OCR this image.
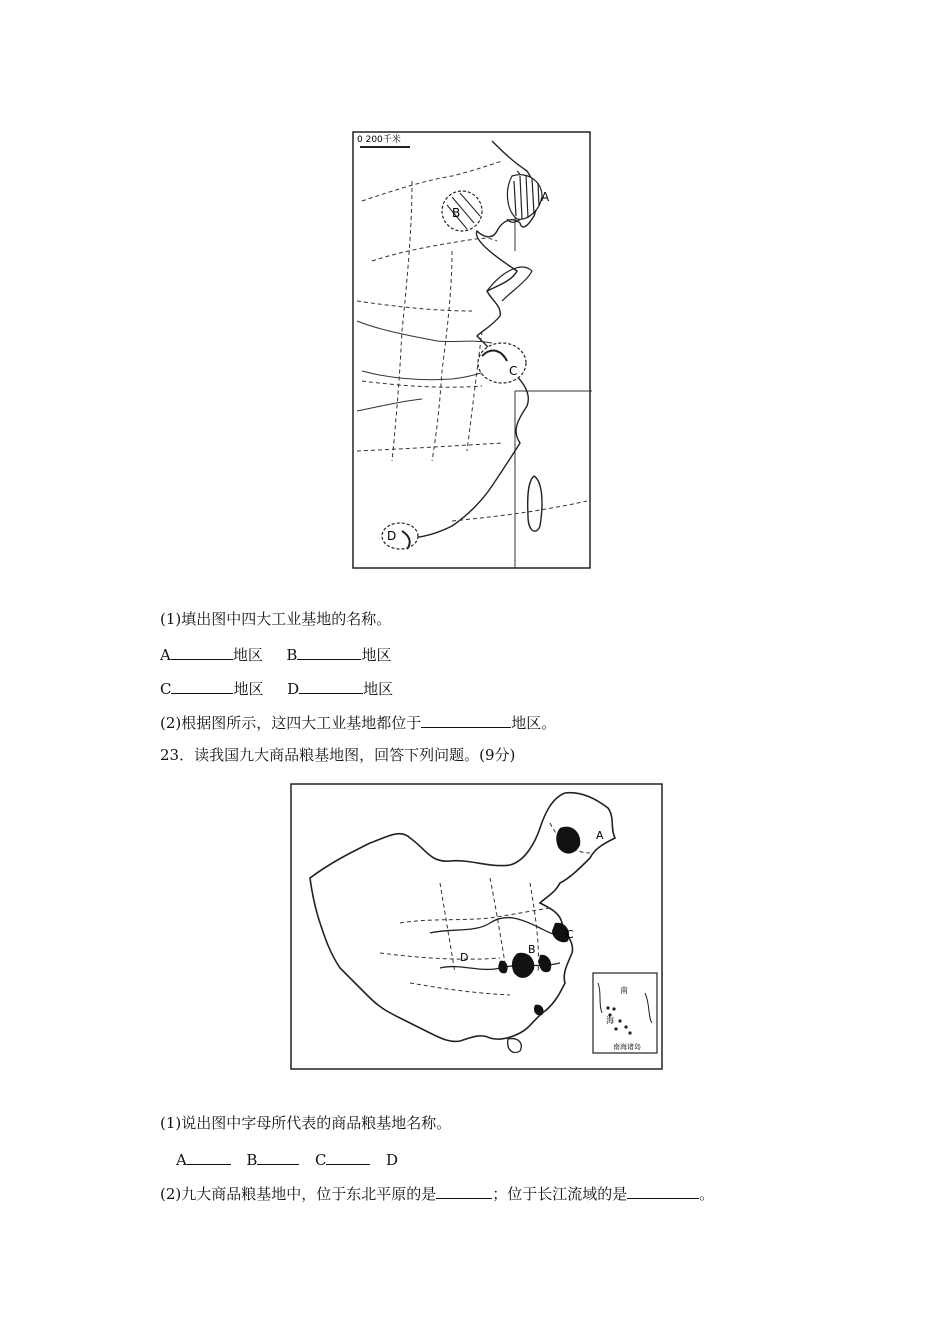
0 200千米
A
B
C
D
(1)填出图中四大工业基地的名称。
A	地区 B	地区
C	地区 D	地区
(2)根据图所示，这四大工业基地都位于	地区。
23．读我国九大商品粮基地图，回答下列问题。(9分)
A
B
C
D
南
海
南海诸岛
(1)说出图中字母所代表的商品粮基地名称。
A	B	C	D
(2)九大商品粮基地中，位于东北平原的是	；位于长江流域的是	。
